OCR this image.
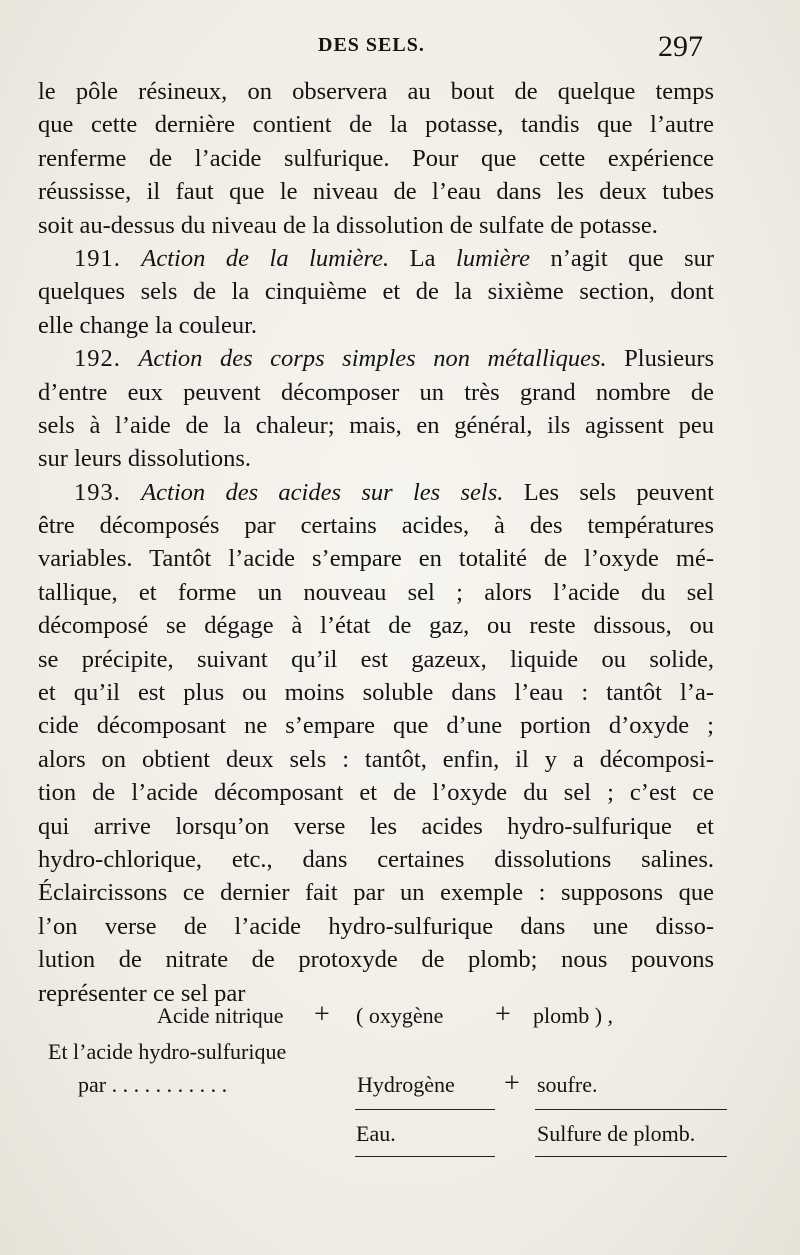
DES SELS.	297
le pôle résineux, on observera au bout de quelque temps
que cette dernière contient de la potasse, tandis que l’autre
renferme de l’acide sulfurique. Pour que cette expérience
réussisse, il faut que le niveau de l’eau dans les deux tubes
soit au-dessus du niveau de la dissolution de sulfate de potasse.
191. Action de la lumière. La lumière n’agit que sur
quelques sels de la cinquième et de la sixième section, dont
elle change la couleur.
192. Action des corps simples non métalliques. Plusieurs
d’entre eux peuvent décomposer un très grand nombre de
sels à l’aide de la chaleur; mais, en général, ils agissent peu
sur leurs dissolutions.
193. Action des acides sur les sels. Les sels peuvent
être décomposés par certains acides, à des températures
variables. Tantôt l’acide s’empare en totalité de l’oxyde mé-
tallique, et forme un nouveau sel ; alors l’acide du sel
décomposé se dégage à l’état de gaz, ou reste dissous, ou
se précipite, suivant qu’il est gazeux, liquide ou solide,
et qu’il est plus ou moins soluble dans l’eau : tantôt l’a-
cide décomposant ne s’empare que d’une portion d’oxyde ;
alors on obtient deux sels : tantôt, enfin, il y a décomposi-
tion de l’acide décomposant et de l’oxyde du sel ; c’est ce
qui arrive lorsqu’on verse les acides hydro-sulfurique et
hydro-chlorique, etc., dans certaines dissolutions salines.
Éclaircissons ce dernier fait par un exemple : supposons que
l’on verse de l’acide hydro-sulfurique dans une disso-
lution de nitrate de protoxyde de plomb; nous pouvons
représenter ce sel par
Acide nitrique + ( oxygène + plomb ) ,
Et l’acide hydro-sulfurique
par . . . . . . . . . . .	Hydrogène + soufre.
Eau.	Sulfure de plomb.
